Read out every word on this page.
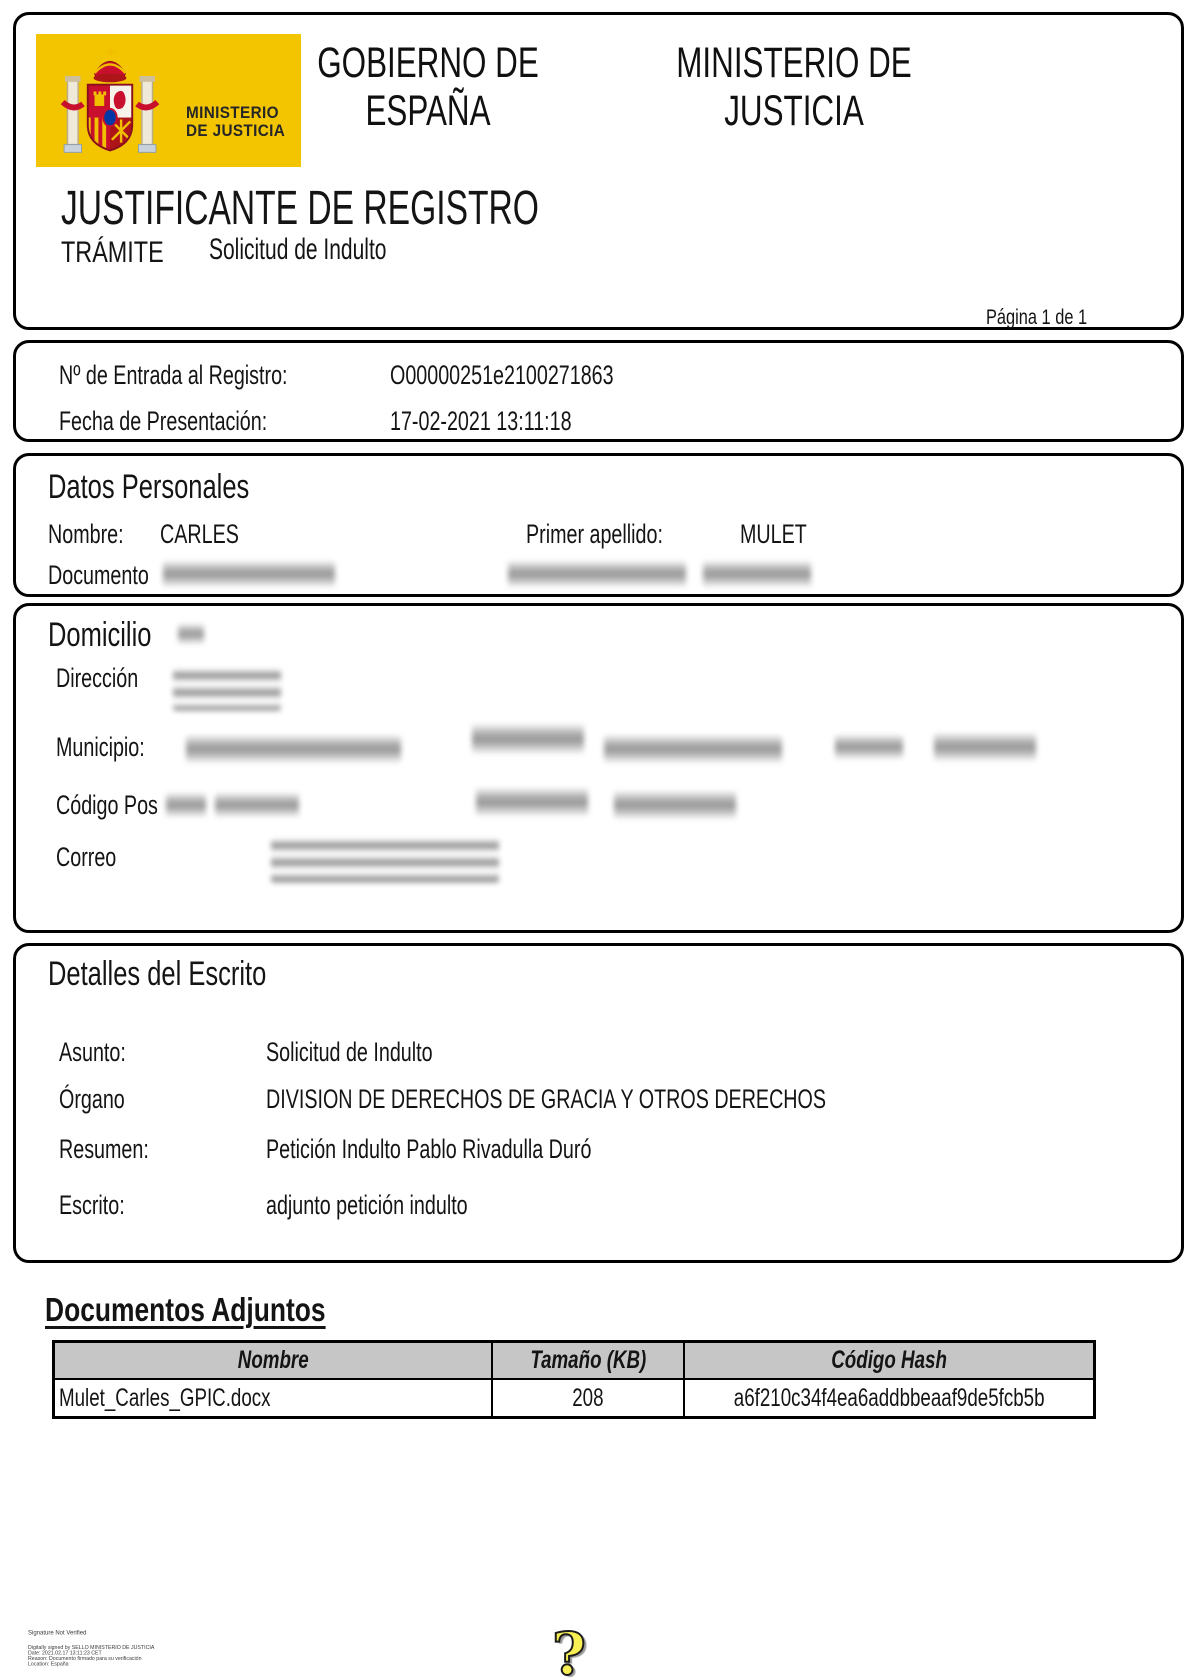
MINISTERIO
DE JUSTICIA
GOBIERNO DE
ESPAÑA
MINISTERIO DE
JUSTICIA
JUSTIFICANTE DE REGISTRO
TRÁMITE Solicitud de Indulto
Página 1 de 1
Nº de Entrada al Registro:	O00000251e2100271863
Fecha de Presentación:	17-02-2021 13:11:18
Datos Personales
Nombre: CARLES	Primer apellido:	MULET
Documento
Domicilio
Dirección
Municipio:
Código Pos
Correo
Detalles del Escrito
Asunto:	Solicitud de Indulto
Órgano	DIVISION DE DERECHOS DE GRACIA Y OTROS DERECHOS
Resumen:	Petición Indulto Pablo Rivadulla Duró
Escrito:	adjunto petición indulto
Documentos Adjuntos
Nombre	Tamaño (KB)	Código Hash
Mulet_Carles_GPIC.docx	208	a6f210c34f4ea6addbbeaaf9de5fcb5b
Signature Not Verified
Digitally signed by SELLO MINISTERIO DE JUSTICIA
Date: 2021.02.17 13:11:23 CET
Reason: Documento firmado para su verificación
Location: España	?
